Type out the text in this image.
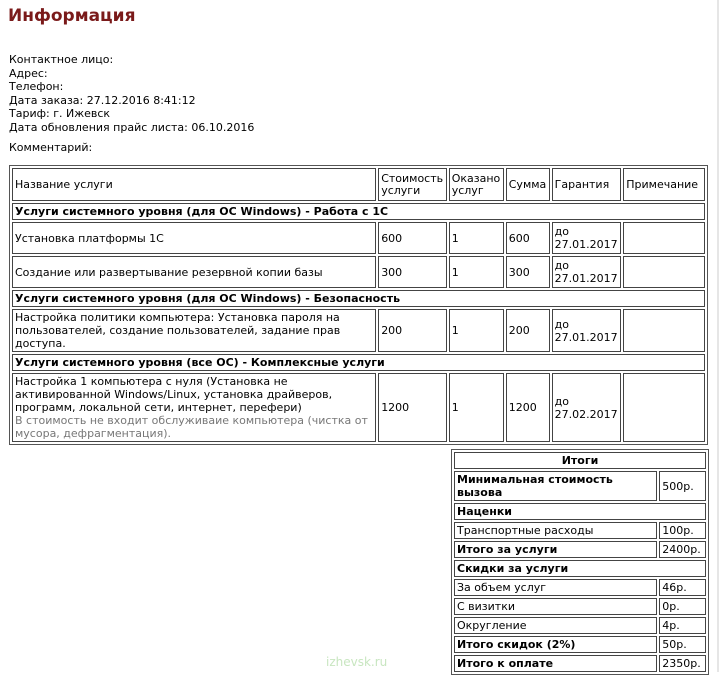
Информация
Контактное лицо:
Адрес:
Телефон:
Дата заказа: 27.12.2016 8:41:12
Тариф: г. Ижевск
Дата обновления прайс листа: 06.10.2016
Комментарий:
Название услуги	Стоимость услуги	Оказано услуг	Сумма	Гарантия	Примечание
Услуги системного уровня (для ОС Windows) - Работа с 1С					
Установка платформы 1С	600	1	600	до 27.01.2017	
Создание или развертывание резервной копии базы	300	1	300	до 27.01.2017	
Услуги системного уровня (для ОС Windows) - Безопасность					
Настройка политики компьютера: Установка пароля на пользователей, создание пользователей, задание прав доступа.	200	1	200	до 27.01.2017	
Услуги системного уровня (все ОС) - Комплексные услуги					

Настройка 1 компьютера с нуля (Установка не активированной Windows/Linux, установка драйверов, программ, локальной сети, интернет, перефери)
В стоимость не входит обслуживаие компьютера (чистка от мусора, дефрагментация).	1200	1	1200	до 27.02.2017	
Итоги	
Минимальная стоимость вызова	500р.
Наценки	
Транспортные расходы	100р.
Итого за услуги	2400р.
Скидки за услуги	
За объем услуг	46р.
С визитки	0р.
Округление	4р.
Итого скидок (2%)	50р.
Итого к оплате	2350р.
izhevsk.ru
